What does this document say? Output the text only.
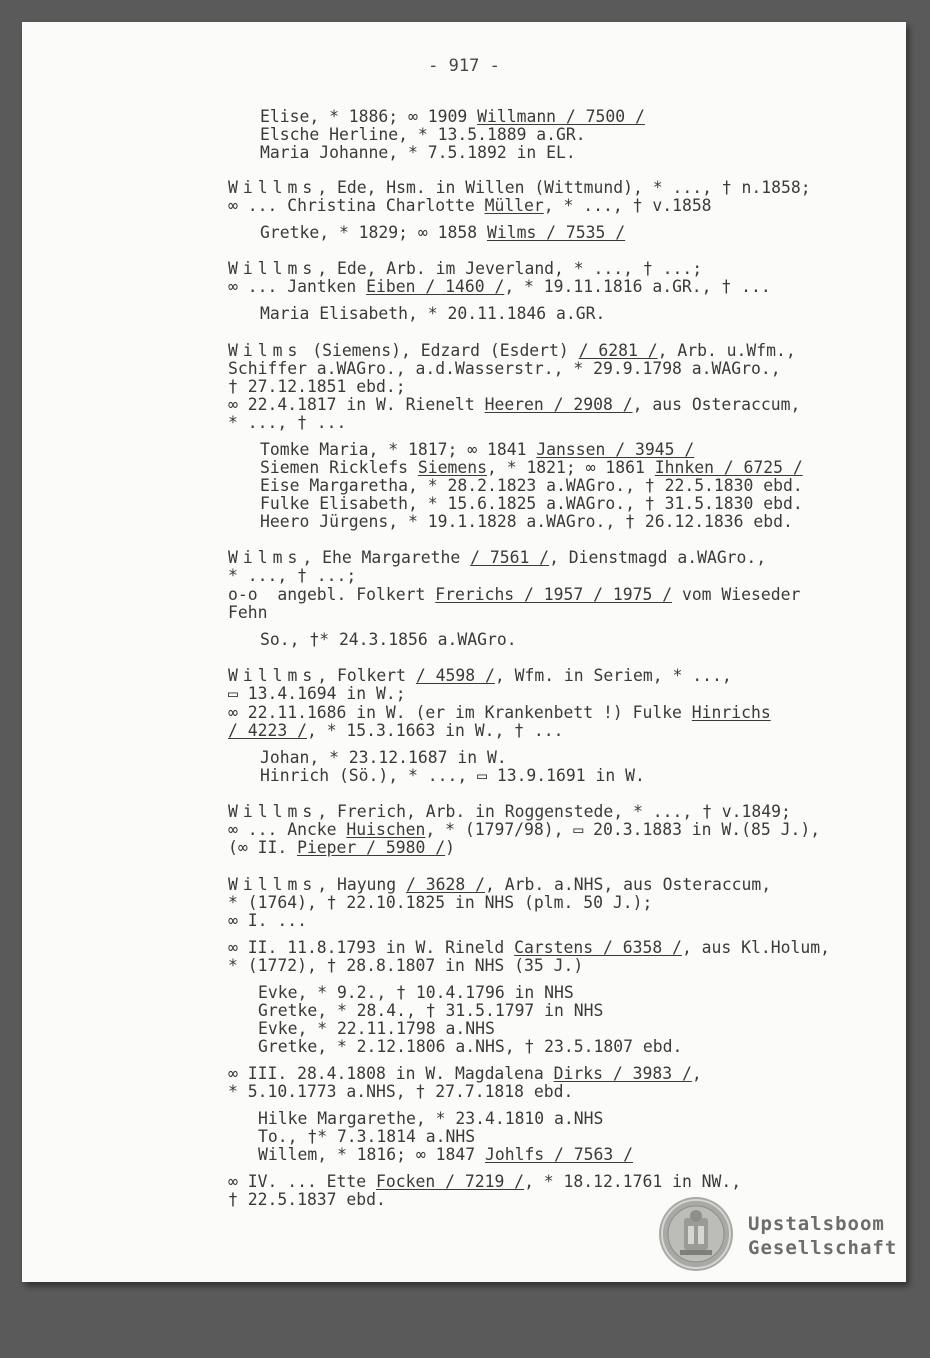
- 917 -

Elise, * 1886; ∞ 1909 Willmann / 7500 /

Elsche Herline, * 13.5.1889 a.GR.

Maria Johanne, * 7.5.1892 in EL.

Willms, Ede, Hsm. in Willen (Wittmund), * ..., † n.1858;

∞ ... Christina Charlotte Müller, * ..., † v.1858

Gretke, * 1829; ∞ 1858 Wilms / 7535 /

Willms, Ede, Arb. im Jeverland, * ..., † ...;

∞ ... Jantken Eiben / 1460 /, * 19.11.1816 a.GR., † ...

Maria Elisabeth, * 20.11.1846 a.GR.

Wilms (Siemens), Edzard (Esdert) / 6281 /, Arb. u.Wfm.,

Schiffer a.WAGro., a.d.Wasserstr., * 29.9.1798 a.WAGro.,

† 27.12.1851 ebd.;

∞ 22.4.1817 in W. Rienelt Heeren / 2908 /, aus Osteraccum,

* ..., † ...

Tomke Maria, * 1817; ∞ 1841 Janssen / 3945 /

Siemen Ricklefs Siemens, * 1821; ∞ 1861 Ihnken / 6725 /

Eise Margaretha, * 28.2.1823 a.WAGro., † 22.5.1830 ebd.

Fulke Elisabeth, * 15.6.1825 a.WAGro., † 31.5.1830 ebd.

Heero Jürgens, * 19.1.1828 a.WAGro., † 26.12.1836 ebd.

Wilms, Ehe Margarethe / 7561 /, Dienstmagd a.WAGro.,

* ..., † ...;

o-o  angebl. Folkert Frerichs / 1957 / 1975 / vom Wieseder

Fehn

So., †* 24.3.1856 a.WAGro.

Willms, Folkert / 4598 /, Wfm. in Seriem, * ...,

▭ 13.4.1694 in W.;

∞ 22.11.1686 in W. (er im Krankenbett !) Fulke Hinrichs

/ 4223 /, * 15.3.1663 in W., † ...

Johan, * 23.12.1687 in W.

Hinrich (Sö.), * ..., ▭ 13.9.1691 in W.

Willms, Frerich, Arb. in Roggenstede, * ..., † v.1849;

∞ ... Ancke Huischen, * (1797/98), ▭ 20.3.1883 in W.(85 J.),

(∞ II. Pieper / 5980 /)

Willms, Hayung / 3628 /, Arb. a.NHS, aus Osteraccum,

* (1764), † 22.10.1825 in NHS (plm. 50 J.);

∞ I. ...

∞ II. 11.8.1793 in W. Rineld Carstens / 6358 /, aus Kl.Holum,

* (1772), † 28.8.1807 in NHS (35 J.)

Evke, * 9.2., † 10.4.1796 in NHS

Gretke, * 28.4., † 31.5.1797 in NHS

Evke, * 22.11.1798 a.NHS

Gretke, * 2.12.1806 a.NHS, † 23.5.1807 ebd.

∞ III. 28.4.1808 in W. Magdalena Dirks / 3983 /,

* 5.10.1773 a.NHS, † 27.7.1818 ebd.

Hilke Margarethe, * 23.4.1810 a.NHS

To., †* 7.3.1814 a.NHS

Willem, * 1816; ∞ 1847 Johlfs / 7563 /

∞ IV. ... Ette Focken / 7219 /, * 18.12.1761 in NW.,

† 22.5.1837 ebd.

Upstalsboom
Gesellschaft
